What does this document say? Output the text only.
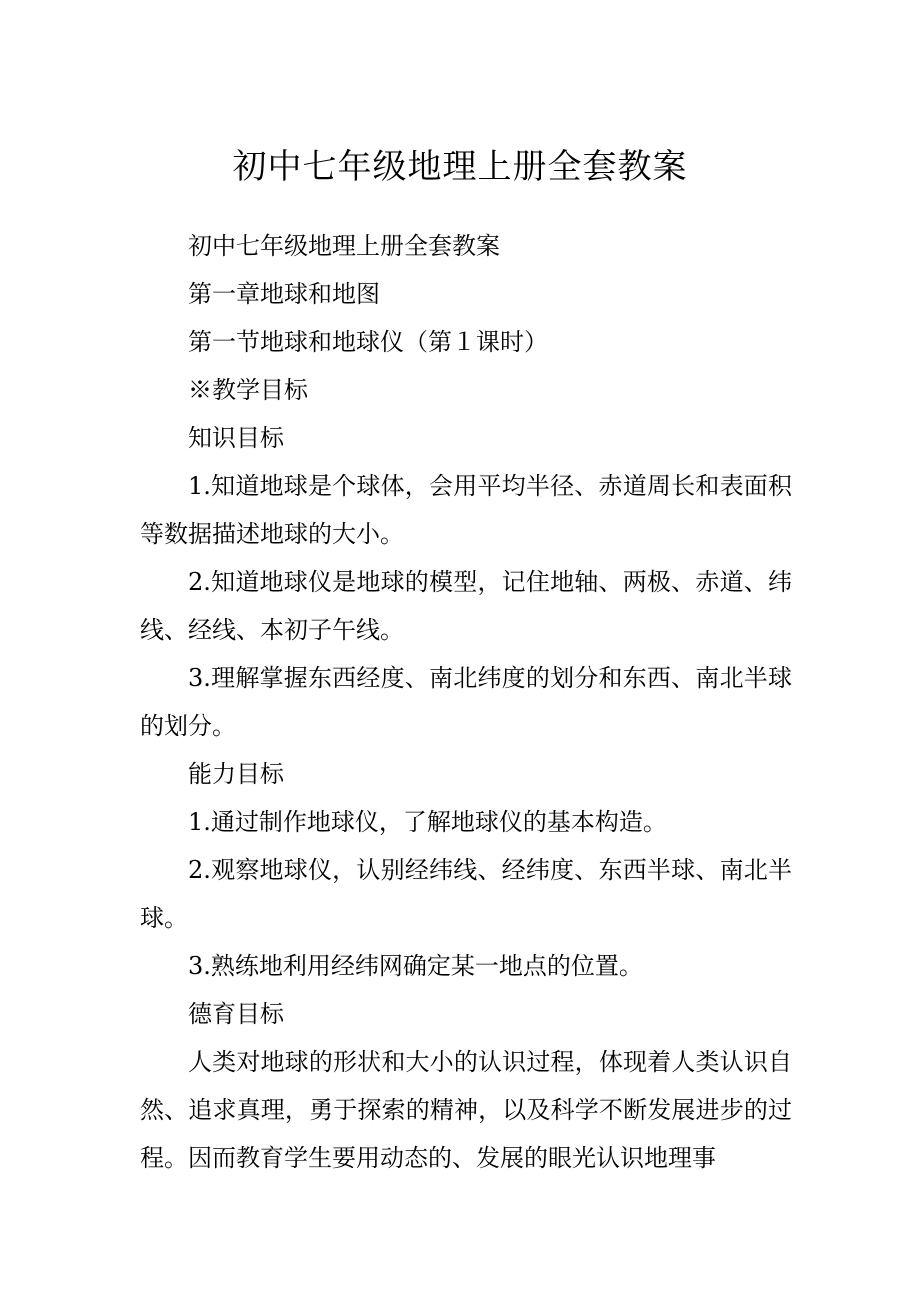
初中七年级地理上册全套教案

初中七年级地理上册全套教案

第一章地球和地图

第一节地球和地球仪（第１课时）

※教学目标

知识目标

1.知道地球是个球体，会用平均半径、赤道周长和表面积等数据描述地球的大小。

2.知道地球仪是地球的模型，记住地轴、两极、赤道、纬线、经线、本初子午线。

3.理解掌握东西经度、南北纬度的划分和东西、南北半球的划分。

能力目标

1.通过制作地球仪，了解地球仪的基本构造。

2.观察地球仪，认别经纬线、经纬度、东西半球、南北半球。

3.熟练地利用经纬网确定某一地点的位置。

德育目标

人类对地球的形状和大小的认识过程，体现着人类认识自然、追求真理，勇于探索的精神，以及科学不断发展进步的过程。因而教育学生要用动态的、发展的眼光认识地理事
